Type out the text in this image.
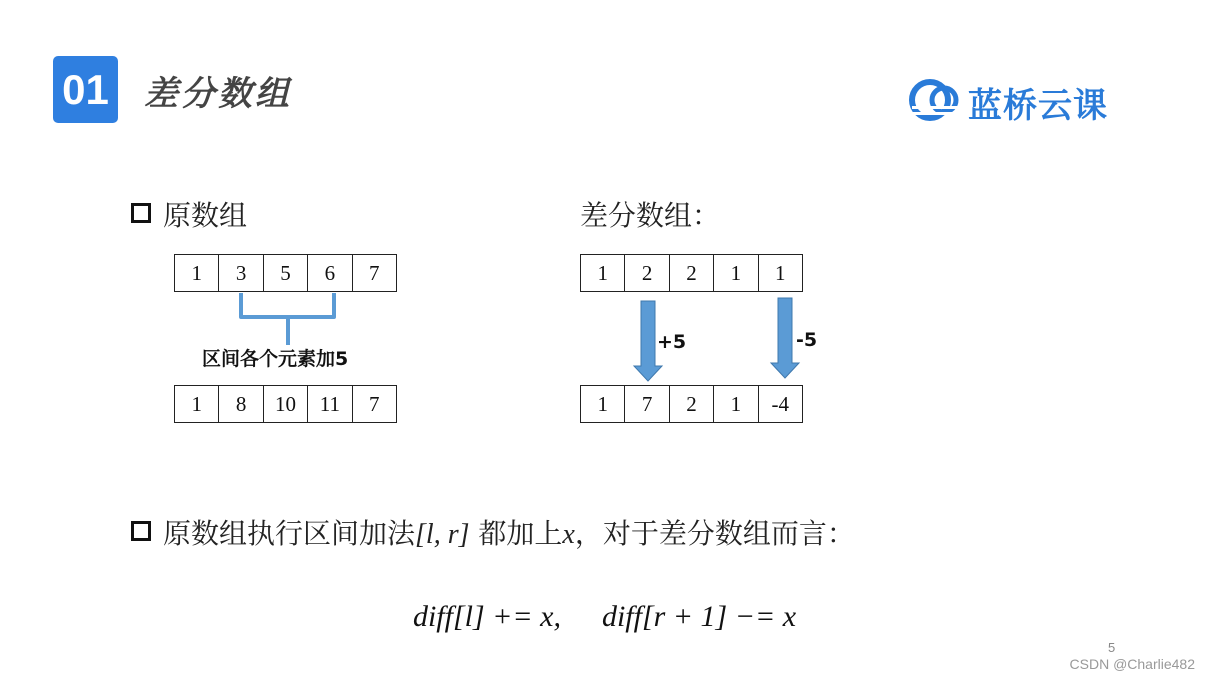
01 差分数组	蓝桥云课
原数组	差分数组：
1	3	5	6	7
区间各个元素加5
1	8	10	11	7
1	2	2	1	1
1	7	2	1	-4
+5	-5
原数组执行区间加法[l, r] 都加上x，对于差分数组而言：
diff[l] += x, diff[r + 1] −= x
5
CSDN @Charlie482
